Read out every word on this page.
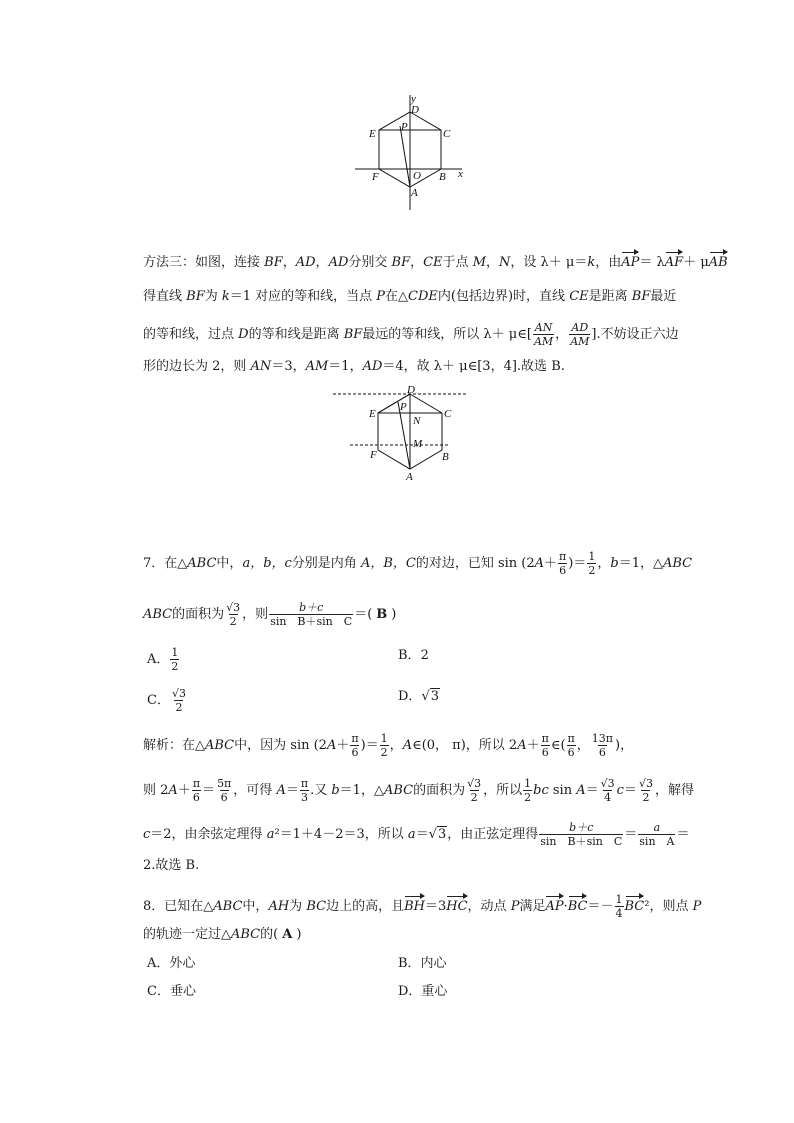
y
x
D
E
P
C
F	O B
A
方法三：如图，连接 BF，AD，AD分别交 BF，CE于点 M，N，设 λ＋ μ＝k，由AP＝ λAF＋ μAB
得直线 BF为 k＝1 对应的等和线，当点 P在△CDE内(包括边界)时，直线 CE是距离 BF最近
的等和线，过点 D的等和线是距离 BF最远的等和线，所以 λ＋ μ∈[ $\frac{AN}{AM}$ ， $\frac{AD}{AM}$ ].不妨设正六边
形的边长为 2，则 AN＝3，AM＝1，AD＝4，故 λ＋ μ∈[3，4].故选 B.
D
E
P
N
C
M
F	B
A
7．在△ABC中，a，b，c分别是内角 A，B，C的对边，已知 $\sin (2A+ \frac{\pi}{6}$ )＝ $\frac{1}{2}$ ，b＝1，△ABC
ABC的面积为 $\frac{√3}{2}$ ，则 $\frac{b+c}{\text{sin　B＋sin　C}}$ ＝( B )
A． $\frac{1}{2}$	B．2
C． $\frac{√3}{2}$	D．√3
解析：在△ABC中，因为 $\sin (2A+ \frac{\pi}{6}$ )＝ $\frac{1}{2}$ ，A∈(0， π)，所以 $2A+ \frac{\pi}{6}$ ∈( $\frac{\pi}{6}$ ， $\frac{13\pi}{6}$ )，
则 $2A+ \frac{\pi}{6} = \frac{5\pi}{6}$ ，可得 $A= \frac{\pi}{3}$ .又 b＝1，△ABC的面积为 $\frac{√3}{2}$ ，所以 $\frac{1}{2}$ bc $\sin A= \frac{√3}{4} c= \frac{√3}{2}$ ，解得
c＝2，由余弦定理得 a²＝1＋4－2＝3，所以 a＝√3，由正弦定理得 $\frac{b+c}{\text{sin　B＋sin　C}} = \frac{a}{\text{sin　A}}$ ＝
2.故选 B.
8．已知在△ABC中，AH为 BC边上的高，且BH＝3HC，动点 P满足$AP\cdot BC=- \frac{1}{4} BC^2$，则点 P
的轨迹一定过△ABC的( A )
A．外心	B．内心
C．垂心	D．重心
